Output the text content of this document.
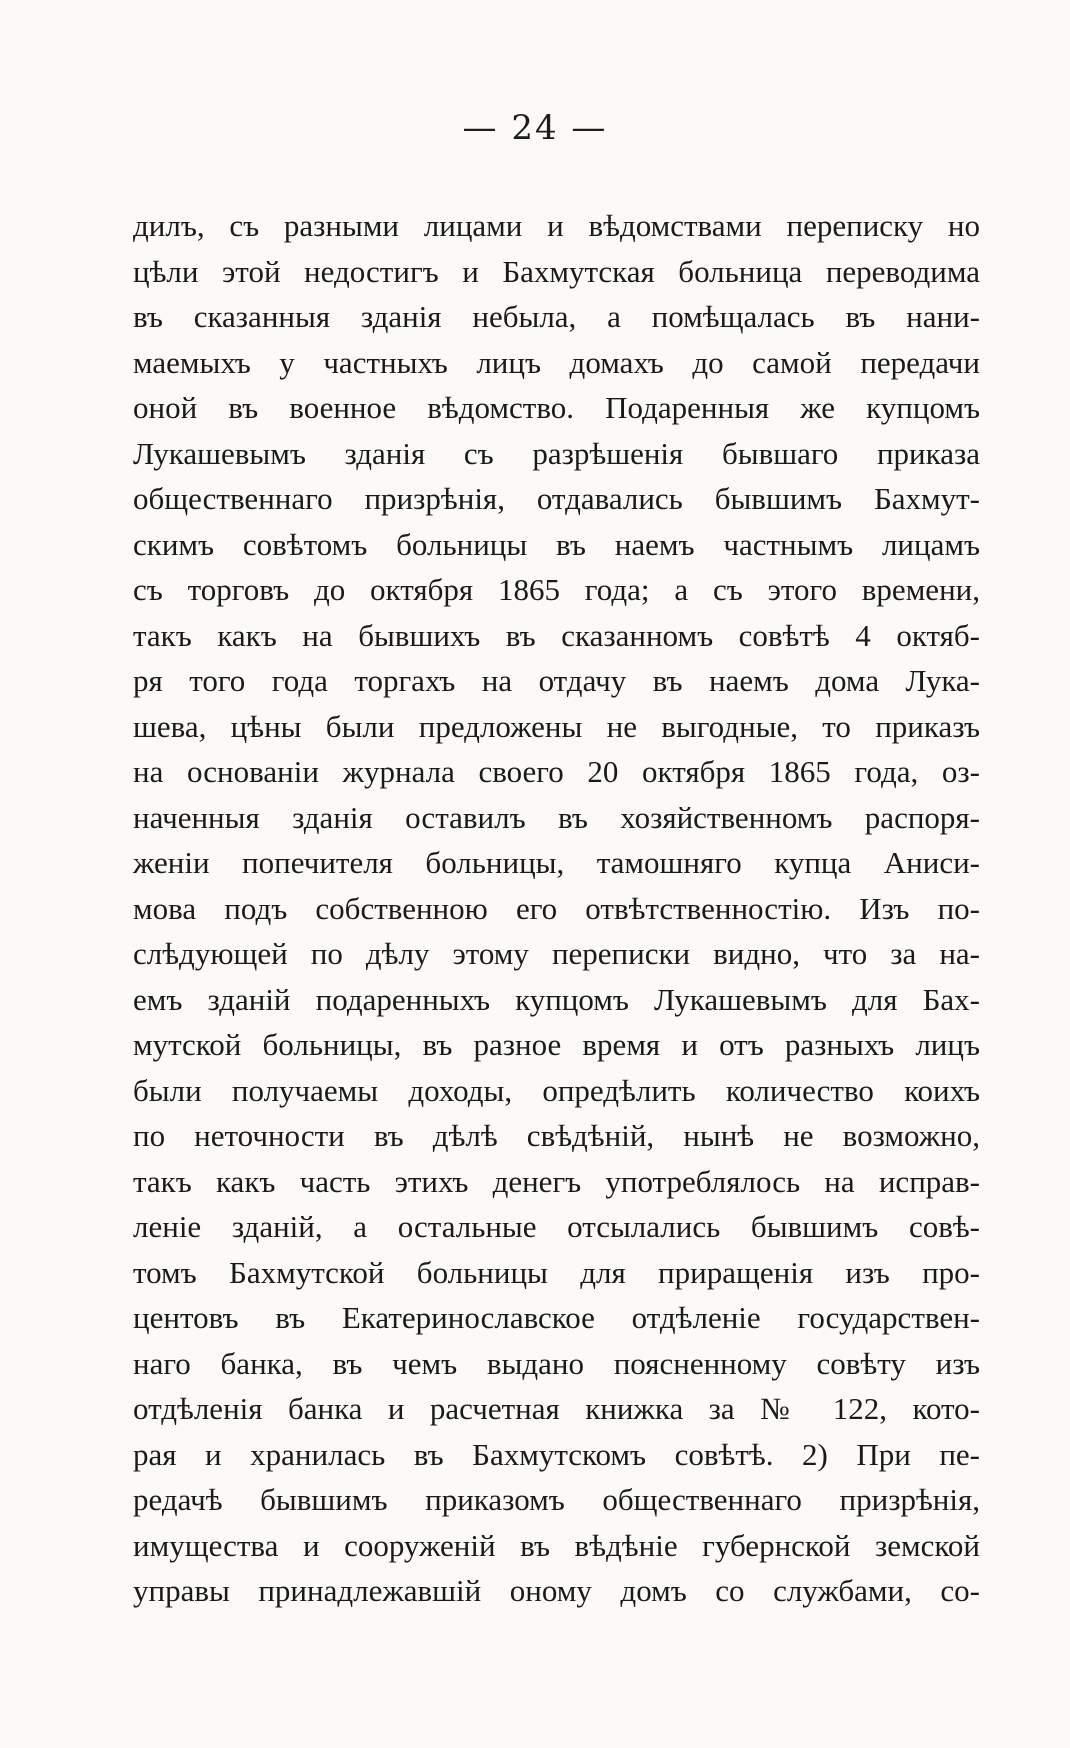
— 24 —
дилъ, съ разными лицами и вѣдомствами переписку но
цѣли этой недостигъ и Бахмутская больница переводима
въ сказанныя зданія небыла, а помѣщалась въ нани-
маемыхъ у частныхъ лицъ домахъ до самой передачи
оной въ военное вѣдомство. Подаренныя же купцомъ
Лукашевымъ зданія съ разрѣшенія бывшаго приказа
общественнаго призрѣнія, отдавались бывшимъ Бахмут-
скимъ совѣтомъ больницы въ наемъ частнымъ лицамъ
съ торговъ до октября 1865 года; а съ этого времени,
такъ какъ на бывшихъ въ сказанномъ совѣтѣ 4 октяб-
ря того года торгахъ на отдачу въ наемъ дома Лука-
шева, цѣны были предложены не выгодные, то приказъ
на основаніи журнала своего 20 октября 1865 года, оз-
наченныя зданія оставилъ въ хозяйственномъ распоря-
женіи попечителя больницы, тамошняго купца Аниси-
мова подъ собственною его отвѣтственностію. Изъ по-
слѣдующей по дѣлу этому переписки видно, что за на-
емъ зданій подаренныхъ купцомъ Лукашевымъ для Бах-
мутской больницы, въ разное время и отъ разныхъ лицъ
были получаемы доходы, опредѣлить количество коихъ
по неточности въ дѣлѣ свѣдѣній, нынѣ не возможно,
такъ какъ часть этихъ денегъ употреблялось на исправ-
леніе зданій, а остальные отсылались бывшимъ совѣ-
томъ Бахмутской больницы для приращенія изъ про-
центовъ въ Екатеринославское отдѣленіе государствен-
наго банка, въ чемъ выдано поясненному совѣту изъ
отдѣленія банка и расчетная книжка за № 122, кото-
рая и хранилась въ Бахмутскомъ совѣтѣ. 2) При пе-
редачѣ бывшимъ приказомъ общественнаго призрѣнія,
имущества и сооруженій въ вѣдѣніе губернской земской
управы принадлежавшій оному домъ со службами, со-
